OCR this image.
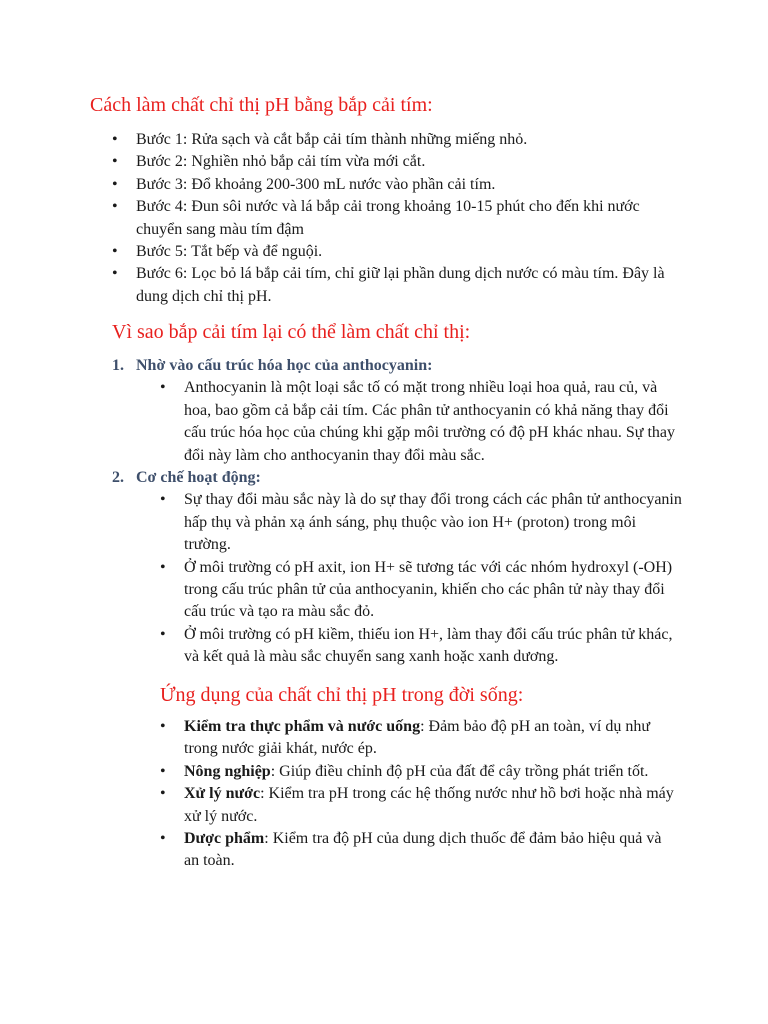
Cách làm chất chỉ thị pH bằng bắp cải tím:
• Bước 1: Rửa sạch và cắt bắp cải tím thành những miếng nhỏ.
• Bước 2: Nghiền nhỏ bắp cải tím vừa mới cắt.
• Bước 3: Đổ khoảng 200-300 mL nước vào phần cải tím.
• Bước 4: Đun sôi nước và lá bắp cải trong khoảng 10-15 phút cho đến khi nước chuyển sang màu tím đậm
• Bước 5: Tắt bếp và để nguội.
• Bước 6: Lọc bỏ lá bắp cải tím, chỉ giữ lại phần dung dịch nước có màu tím. Đây là dung dịch chỉ thị pH.
Vì sao bắp cải tím lại có thể làm chất chỉ thị:
1. Nhờ vào cấu trúc hóa học của anthocyanin:
• Anthocyanin là một loại sắc tố có mặt trong nhiều loại hoa quả, rau củ, và hoa, bao gồm cả bắp cải tím. Các phân tử anthocyanin có khả năng thay đổi cấu trúc hóa học của chúng khi gặp môi trường có độ pH khác nhau. Sự thay đổi này làm cho anthocyanin thay đổi màu sắc.
2. Cơ chế hoạt động:
• Sự thay đổi màu sắc này là do sự thay đổi trong cách các phân tử anthocyanin hấp thụ và phản xạ ánh sáng, phụ thuộc vào ion H+ (proton) trong môi trường.
• Ở môi trường có pH axit, ion H+ sẽ tương tác với các nhóm hydroxyl (-OH) trong cấu trúc phân tử của anthocyanin, khiến cho các phân tử này thay đổi cấu trúc và tạo ra màu sắc đỏ.
• Ở môi trường có pH kiềm, thiếu ion H+, làm thay đổi cấu trúc phân tử khác, và kết quả là màu sắc chuyển sang xanh hoặc xanh dương.
Ứng dụng của chất chỉ thị pH trong đời sống:
• Kiểm tra thực phẩm và nước uống: Đảm bảo độ pH an toàn, ví dụ như trong nước giải khát, nước ép.
• Nông nghiệp: Giúp điều chỉnh độ pH của đất để cây trồng phát triển tốt.
• Xử lý nước: Kiểm tra pH trong các hệ thống nước như hồ bơi hoặc nhà máy xử lý nước.
• Dược phẩm: Kiểm tra độ pH của dung dịch thuốc để đảm bảo hiệu quả và an toàn.
